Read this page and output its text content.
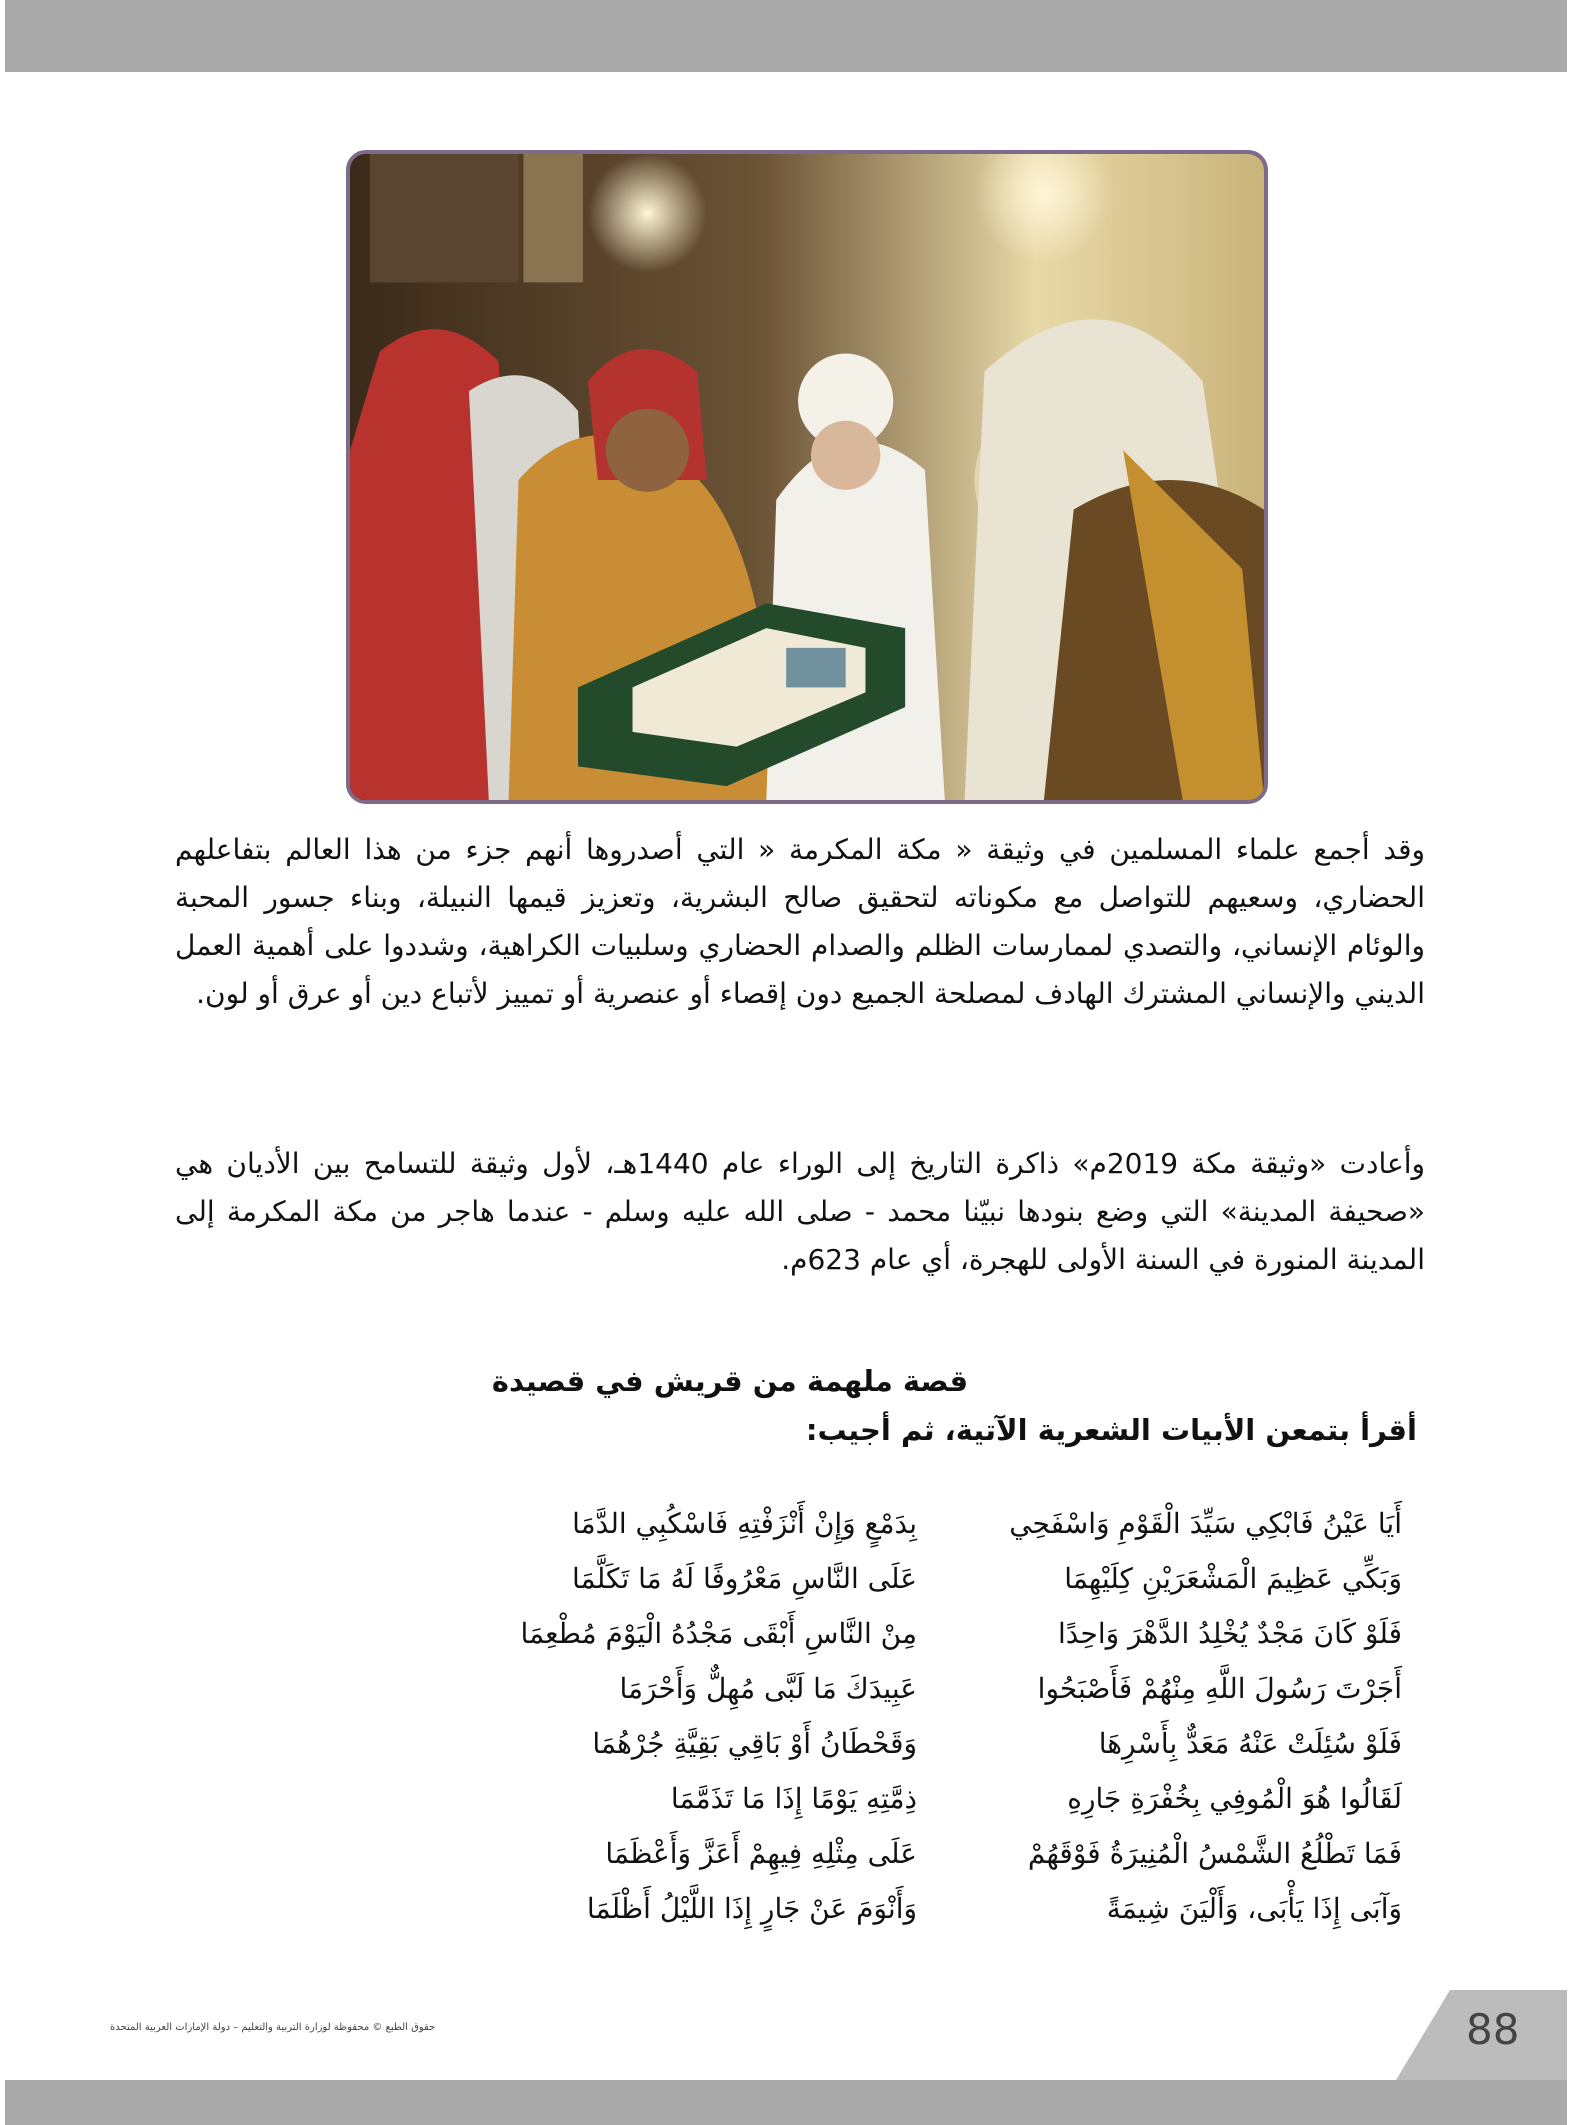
وقد أجمع علماء المسلمين في وثيقة « مكة المكرمة « التي أصدروها أنهم جزء من هذا العالم بتفاعلهم الحضاري، وسعيهم للتواصل مع مكوناته لتحقيق صالح البشرية، وتعزيز قيمها النبيلة، وبناء جسور المحبة والوئام الإنساني، والتصدي لممارسات الظلم والصدام الحضاري وسلبيات الكراهية، وشددوا على أهمية العمل الديني والإنساني المشترك الهادف لمصلحة الجميع دون إقصاء أو عنصرية أو تمييز لأتباع دين أو عرق أو لون.

وأعادت «وثيقة مكة 2019م» ذاكرة التاريخ إلى الوراء عام 1440هـ، لأول وثيقة للتسامح بين الأديان هي «صحيفة المدينة» التي وضع بنودها نبيّنا محمد - صلى الله عليه وسلم - عندما هاجر من مكة المكرمة إلى المدينة المنورة في السنة الأولى للهجرة، أي عام 623م.

قصة ملهمة من قريش في قصيدة

أقرأ بتمعن الأبيات الشعرية الآتية، ثم أجيب:

أَيَا عَيْنُ فَابْكِي سَيِّدَ الْقَوْمِ وَاسْفَحِي
وَبَكِّي عَظِيمَ الْمَشْعَرَيْنِ كِلَيْهِمَا
فَلَوْ كَانَ مَجْدٌ يُخْلِدُ الدَّهْرَ وَاحِدًا
أَجَرْتَ رَسُولَ اللَّهِ مِنْهُمْ فَأَصْبَحُوا
فَلَوْ سُئِلَتْ عَنْهُ مَعَدٌّ بِأَسْرِهَا
لَقَالُوا هُوَ الْمُوفِي بِخُفْرَةِ جَارِهِ
فَمَا تَطْلُعُ الشَّمْسُ الْمُنِيرَةُ فَوْقَهُمْ
وَآبَى إِذَا يَأْبَى، وَأَلْيَنَ شِيمَةً
بِدَمْعٍ وَإِنْ أَنْزَفْتِهِ فَاسْكُبِي الدَّمَا
عَلَى النَّاسِ مَعْرُوفًا لَهُ مَا تَكَلَّمَا
مِنْ النَّاسِ أَبْقَى مَجْدُهُ الْيَوْمَ مُطْعِمَا
عَبِيدَكَ مَا لَبَّى مُهِلٌّ وَأَحْرَمَا
وَقَحْطَانُ أَوْ بَاقِي بَقِيَّةِ جُرْهُمَا
ذِمَّتِهِ يَوْمًا إِذَا مَا تَذَمَّمَا
عَلَى مِثْلِهِ فِيهِمْ أَعَزَّ وَأَعْظَمَا
وَأَنْوَمَ عَنْ جَارٍ إِذَا اللَّيْلُ أَظْلَمَا

88

حقوق الطبع © محفوظة لوزارة التربية والتعليم – دولة الإمارات العربية المتحدة
